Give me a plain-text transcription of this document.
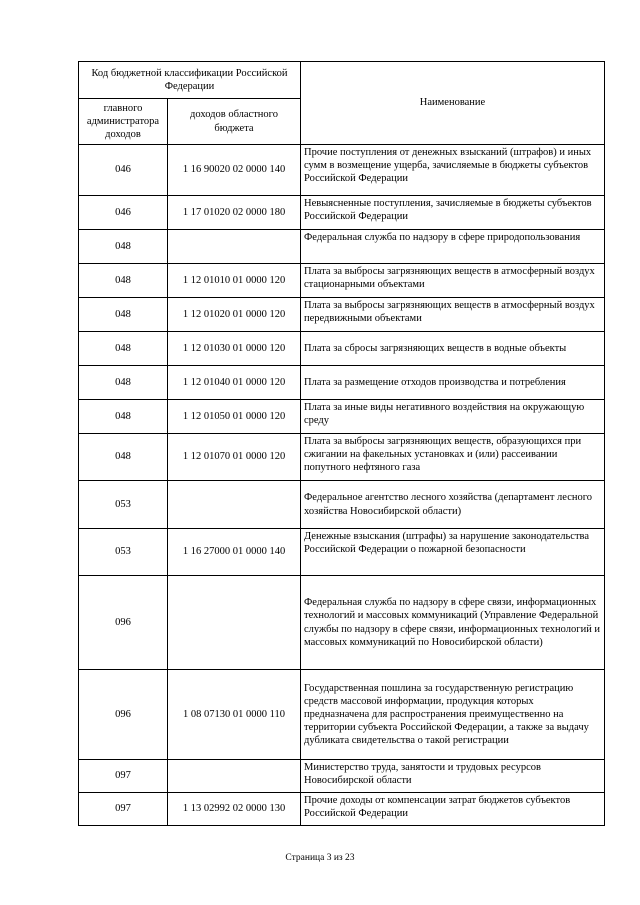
Код бюджетной классификации Российской Федерации		Наименование
главного администратора доходов	доходов областного бюджета	
046	1 16 90020 02 0000 140	Прочие поступления от денежных взысканий (штрафов) и иных сумм в возмещение ущерба, зачисляемые в бюджеты субъектов Российской Федерации
046	1 17 01020 02 0000 180	Невыясненные поступления, зачисляемые в бюджеты субъектов Российской Федерации
048		Федеральная служба по надзору в сфере природопользования
048	1 12 01010 01 0000 120	Плата за выбросы загрязняющих веществ в атмосферный воздух стационарными объектами
048	1 12 01020 01 0000 120	Плата за выбросы загрязняющих веществ в атмосферный воздух передвижными объектами
048	1 12 01030 01 0000 120	Плата за сбросы загрязняющих веществ в водные объекты
048	1 12 01040 01 0000 120	Плата за размещение отходов производства и потребления
048	1 12 01050 01 0000 120	Плата за иные виды негативного воздействия на окружающую среду
048	1 12 01070 01 0000 120	Плата за выбросы загрязняющих веществ, образующихся при сжигании на факельных установках и (или) рассеивании попутного нефтяного газа
053		Федеральное агентство лесного хозяйства (департамент лесного хозяйства Новосибирской области)
053	1 16 27000 01 0000 140	Денежные взыскания (штрафы) за нарушение законодательства Российской Федерации о пожарной безопасности
096		Федеральная служба по надзору в сфере связи, информационных технологий и массовых коммуникаций (Управление Федеральной службы по надзору в сфере связи, информационных технологий и массовых коммуникаций по Новосибирской области)
096	1 08 07130 01 0000 110	Государственная пошлина за государственную регистрацию средств массовой информации, продукция которых предназначена для распространения преимущественно на территории субъекта Российской Федерации, а также за выдачу дубликата свидетельства о такой регистрации
097		Министерство труда, занятости и трудовых ресурсов Новосибирской области
097	1 13 02992 02 0000 130	Прочие доходы от компенсации затрат бюджетов субъектов Российской Федерации
Страница 3 из 23
